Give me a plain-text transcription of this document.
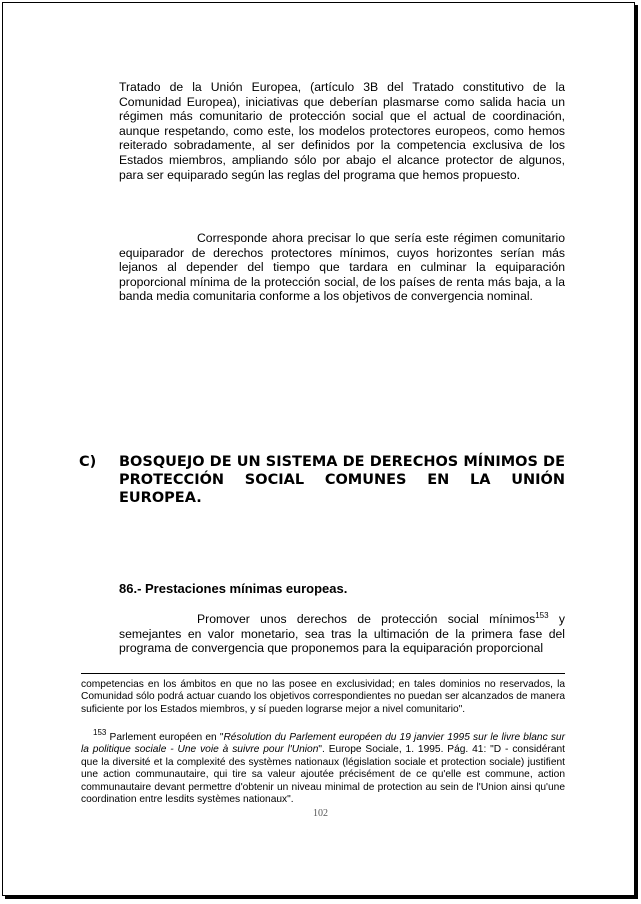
Tratado de la Unión Europea, (artículo 3B del Tratado constitutivo de la Comunidad Europea), iniciativas que deberían plasmarse como salida hacia un régimen más comunitario de protección social que el actual de coordinación, aunque respetando, como este, los modelos protectores europeos, como hemos reiterado sobradamente, al ser definidos por la competencia exclusiva de los Estados miembros, ampliando sólo por abajo el alcance protector de algunos, para ser equiparado según las reglas del programa que hemos propuesto.
Corresponde ahora precisar lo que sería este régimen comunitario equiparador de derechos protectores mínimos, cuyos horizontes serían más lejanos al depender del tiempo que tardara en culminar la equiparación proporcional mínima de la protección social, de los países de renta más baja, a la banda media comunitaria conforme a los objetivos de convergencia nominal.
C) BOSQUEJO DE UN SISTEMA DE DERECHOS MÍNIMOS DE PROTECCIÓN SOCIAL COMUNES EN LA UNIÓN EUROPEA.
86.- Prestaciones mínimas europeas.
Promover unos derechos de protección social mínimos$^{153}$ y semejantes en valor monetario, sea tras la ultimación de la primera fase del programa de convergencia que proponemos para la equiparación proporcional
competencias en los ámbitos en que no las posee en exclusividad; en tales dominios no reservados, la Comunidad sólo podrá actuar cuando los objetivos correspondientes no puedan ser alcanzados de manera suficiente por los Estados miembros, y sí pueden lograrse mejor a nivel comunitario".
$^{153}$ Parlement européen en "Résolution du Parlement européen du 19 janvier 1995 sur le livre blanc sur la politique sociale - Une voie à suivre pour l'Union". Europe Sociale, 1. 1995. Pág. 41: "D - considérant que la diversité et la complexité des systèmes nationaux (législation sociale et protection sociale) justifient une action communautaire, qui tire sa valeur ajoutée précisément de ce qu'elle est commune, action communautaire devant permettre d'obtenir un niveau minimal de protection au sein de l'Union ainsi qu'une coordination entre lesdits systèmes nationaux".
102
